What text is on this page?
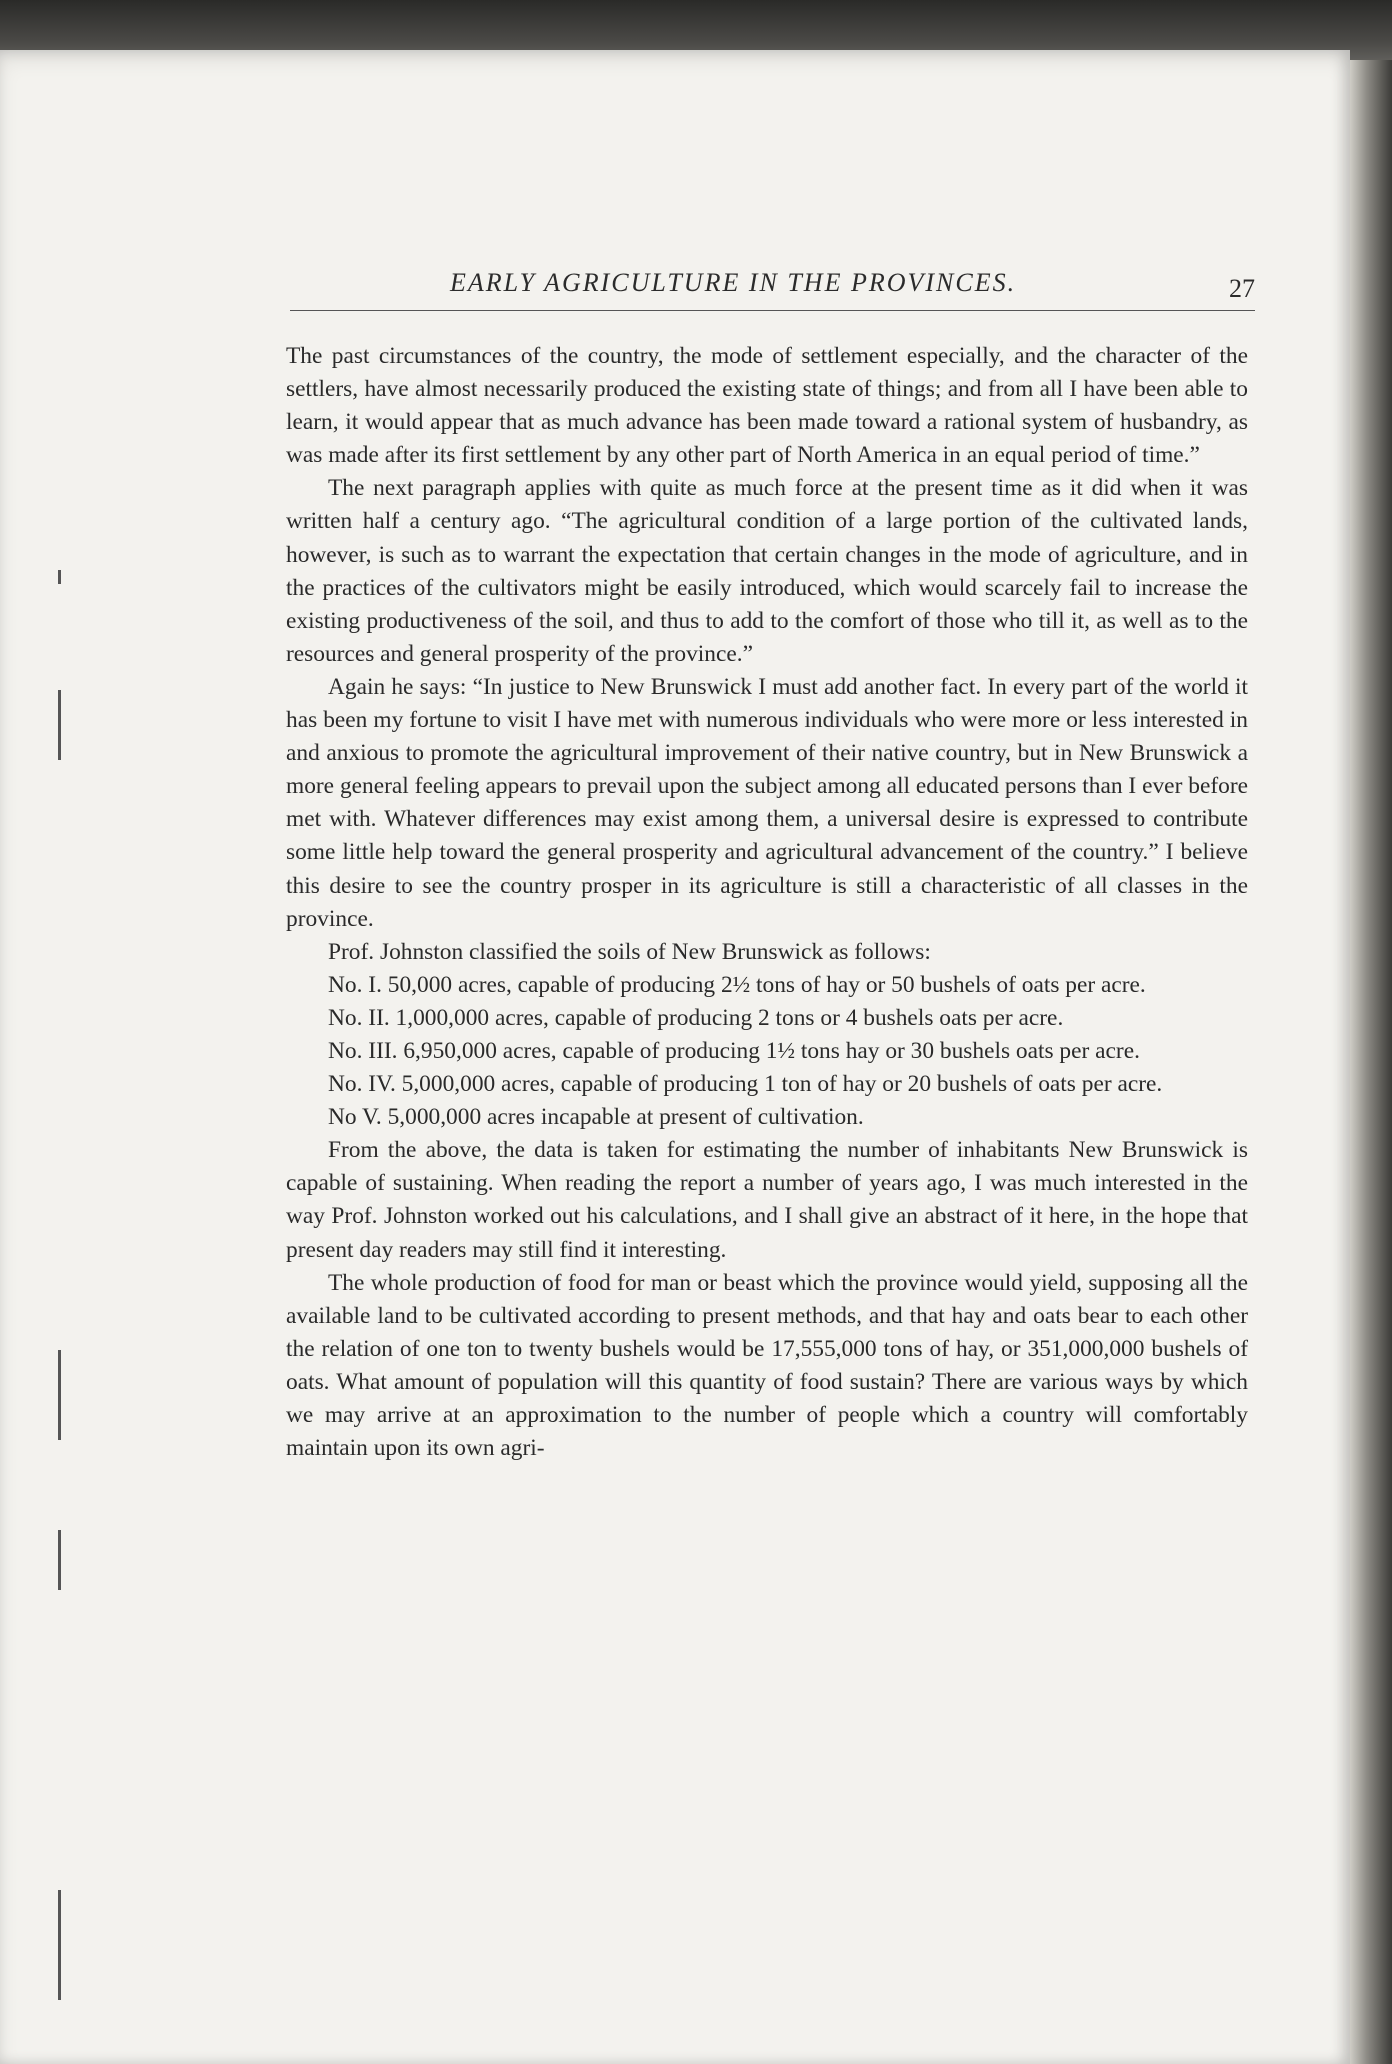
EARLY AGRICULTURE IN THE PROVINCES.	27

The past circumstances of the country, the mode of settlement especially, and the character of the settlers, have almost necessarily produced the existing state of things; and from all I have been able to learn, it would appear that as much advance has been made toward a rational system of husbandry, as was made after its first settlement by any other part of North America in an equal period of time.”

The next paragraph applies with quite as much force at the present time as it did when it was written half a century ago. “The agricultural condition of a large portion of the cultivated lands, however, is such as to warrant the expectation that certain changes in the mode of agriculture, and in the practices of the cultivators might be easily introduced, which would scarcely fail to increase the existing productiveness of the soil, and thus to add to the comfort of those who till it, as well as to the resources and general prosperity of the province.”

Again he says: “In justice to New Brunswick I must add another fact. In every part of the world it has been my fortune to visit I have met with numerous individuals who were more or less interested in and anxious to promote the agricultural improvement of their native country, but in New Brunswick a more general feeling appears to prevail upon the subject among all educated persons than I ever before met with. Whatever differences may exist among them, a universal desire is expressed to contribute some little help toward the general prosperity and agricultural advancement of the country.” I believe this desire to see the country prosper in its agriculture is still a characteristic of all classes in the province.

Prof. Johnston classified the soils of New Brunswick as follows:

No. I. 50,000 acres, capable of producing 2½ tons of hay or 50 bushels of oats per acre.

No. II. 1,000,000 acres, capable of producing 2 tons or 4 bushels oats per acre.

No. III. 6,950,000 acres, capable of producing 1½ tons hay or 30 bushels oats per acre.

No. IV. 5,000,000 acres, capable of producing 1 ton of hay or 20 bushels of oats per acre.

No V. 5,000,000 acres incapable at present of cultivation.

From the above, the data is taken for estimating the number of inhabitants New Brunswick is capable of sustaining. When reading the report a number of years ago, I was much interested in the way Prof. Johnston worked out his calculations, and I shall give an abstract of it here, in the hope that present day readers may still find it interesting.

The whole production of food for man or beast which the province would yield, supposing all the available land to be cultivated according to present methods, and that hay and oats bear to each other the relation of one ton to twenty bushels would be 17,555,000 tons of hay, or 351,000,000 bushels of oats. What amount of population will this quantity of food sustain? There are various ways by which we may arrive at an approximation to the number of people which a country will comfortably maintain upon its own agri-
